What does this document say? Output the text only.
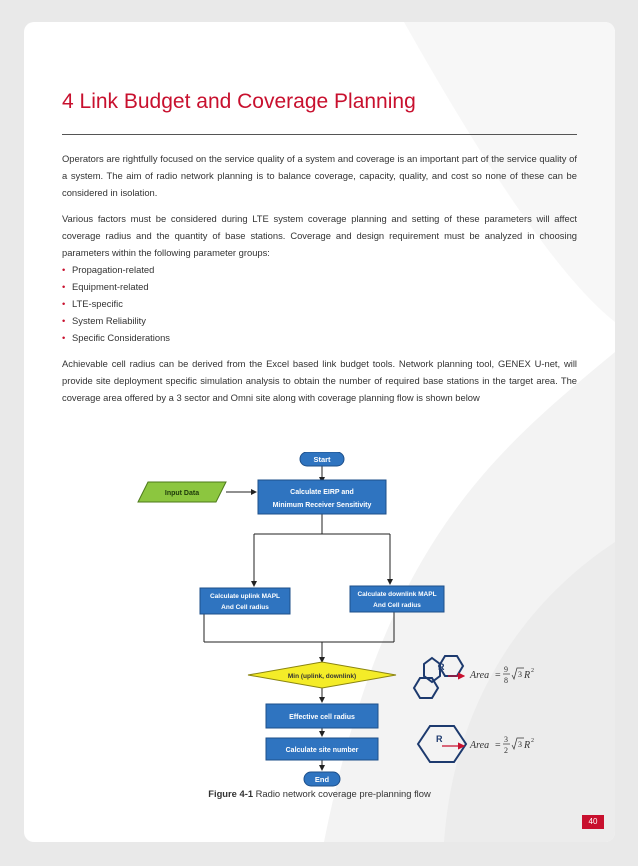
4 Link Budget and Coverage Planning

Operators are rightfully focused on the service quality of a system and coverage is an important part of the service quality of a system. The aim of radio network planning is to balance coverage, capacity, quality, and cost so none of these can be considered in isolation.

Various factors must be considered during LTE system coverage planning and setting of these parameters will affect coverage radius and the quantity of base stations. Coverage and design requirement must be analyzed in choosing parameters within the following parameter groups:

• Propagation-related
• Equipment-related
• LTE-specific
• System Reliability
• Specific Considerations

Achievable cell radius can be derived from the Excel based link budget tools. Network planning tool, GENEX U-net, will provide site deployment specific simulation analysis to obtain the number of required base stations in the target area. The coverage area offered by a 3 sector and Omni site along with coverage planning flow is shown below

Start
Input Data	Calculate EIRP and
Minimum Receiver Sensitivity
Calculate uplink MAPL
And Cell radius
Calculate downlink MAPL
And Cell radius
Min (uplink, downlink)
Effective cell radius
Calculate site number
End
R
R
Area =
9
8
3 R 2
Area =
3
2
3 R 2
Figure 4-1 Radio network coverage pre-planning flow
40
